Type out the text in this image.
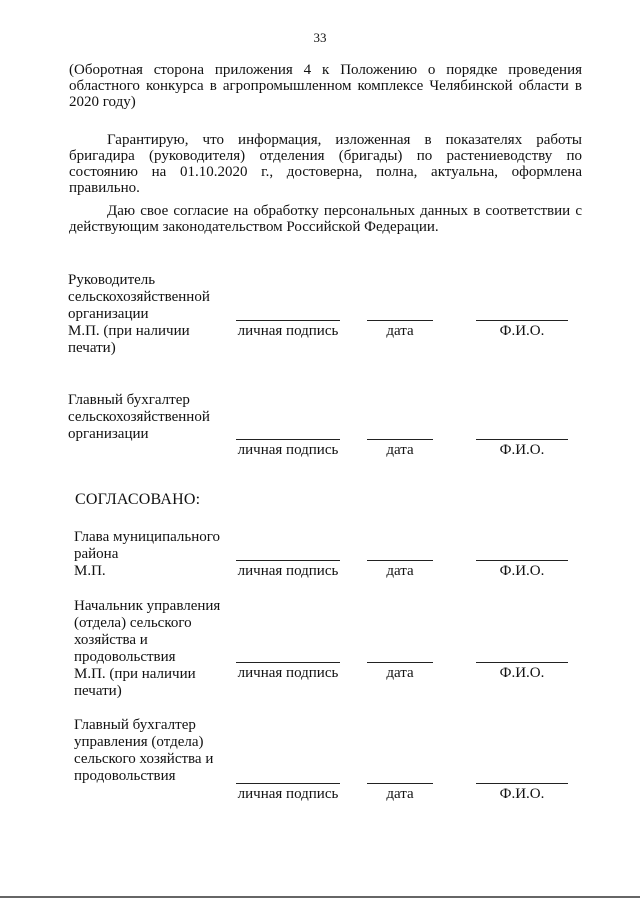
33
(Оборотная сторона приложения 4 к Положению о порядке проведения областного конкурса в агропромышленном комплексе Челябинской области в 2020 году)
Гарантирую, что информация, изложенная в показателях работы бригадира (руководителя) отделения (бригады) по растениеводству по состоянию на 01.10.2020 г., достоверна, полна, актуальна, оформлена правильно.
Даю свое согласие на обработку персональных данных в соответствии с действующим законодательством Российской Федерации.
Руководитель
сельскохозяйственной
организации
М.П. (при наличии
печати)
личная подпись	дата	Ф.И.О.
Главный бухгалтер
сельскохозяйственной
организации
личная подпись	дата	Ф.И.О.
СОГЛАСОВАНО:
Глава муниципального
района
М.П.	личная подпись	дата	Ф.И.О.
Начальник управления
(отдела) сельского
хозяйства и
продовольствия
М.П. (при наличии
печати)
личная подпись	дата	Ф.И.О.
Главный бухгалтер
управления (отдела)
сельского хозяйства и
продовольствия
личная подпись	дата	Ф.И.О.
